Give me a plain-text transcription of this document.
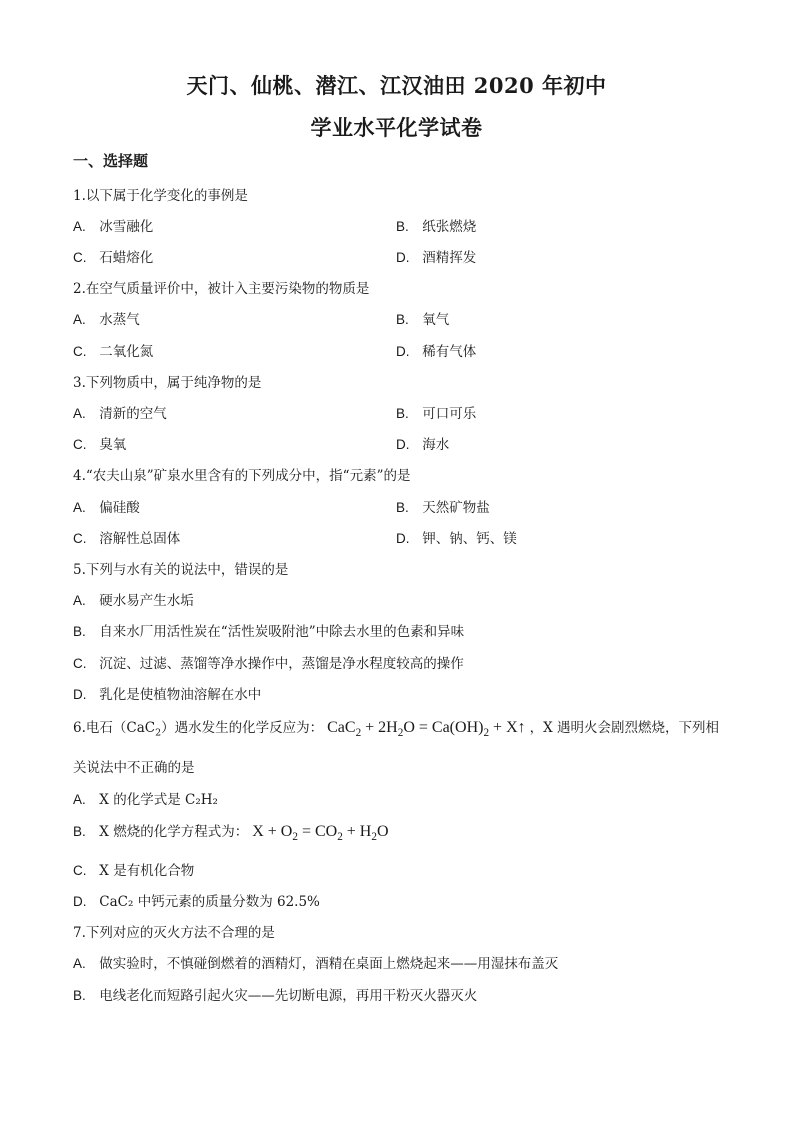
天门、仙桃、潜江、江汉油田 2020 年初中
学业水平化学试卷
一、选择题
1.以下属于化学变化的事例是
A. 冰雪融化	B. 纸张燃烧
C. 石蜡熔化	D. 酒精挥发
2.在空气质量评价中，被计入主要污染物的物质是
A. 水蒸气	B. 氧气
C. 二氧化氮	D. 稀有气体
3.下列物质中，属于纯净物的是
A. 清新的空气	B. 可口可乐
C. 臭氧	D. 海水
4.“农夫山泉”矿泉水里含有的下列成分中，指“元素”的是
A. 偏硅酸	B. 天然矿物盐
C. 溶解性总固体	D. 钾、钠、钙、镁
5.下列与水有关的说法中，错误的是
A. 硬水易产生水垢
B. 自来水厂用活性炭在“活性炭吸附池”中除去水里的色素和异味
C. 沉淀、过滤、蒸馏等净水操作中，蒸馏是净水程度较高的操作
D. 乳化是使植物油溶解在水中
6.电石（CaC$_2$）遇水发生的化学反应为： $CaC_2 + 2H_2O = Ca(OH)_2$ + X↑ ，X 遇明火会剧烈燃烧，下列相
关说法中不正确的是
A. X 的化学式是 C₂H₂
B. X 燃烧的化学方程式为： $X + O_2 = CO_2 + H_2O$
C. X 是有机化合物
D. CaC₂ 中钙元素的质量分数为 62.5%
7.下列对应的灭火方法不合理的是
A. 做实验时，不慎碰倒燃着的酒精灯，酒精在桌面上燃烧起来——用湿抹布盖灭
B. 电线老化而短路引起火灾——先切断电源，再用干粉灭火器灭火
